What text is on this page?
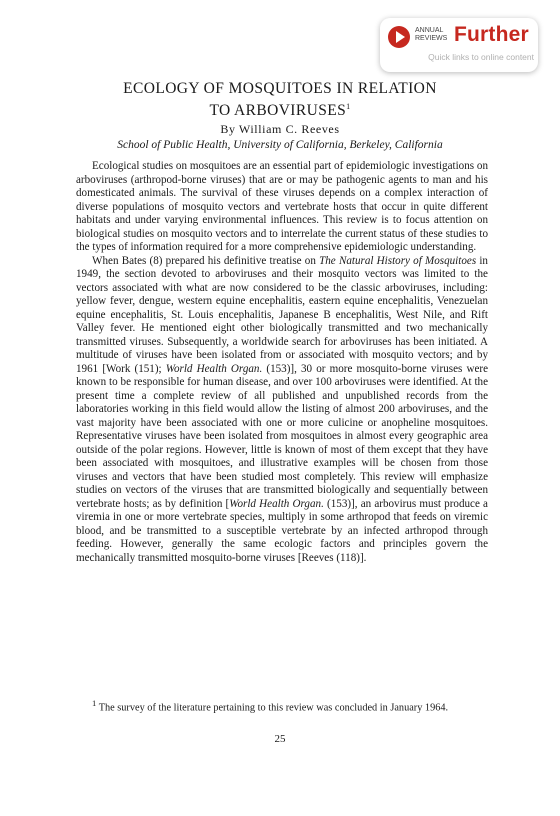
ANNUAL REVIEWS Further
Quick links to online content
ECOLOGY OF MOSQUITOES IN RELATION
TO ARBOVIRUSES$^1$
By William C. Reeves
School of Public Health, University of California, Berkeley, California

Ecological studies on mosquitoes are an essential part of epidemiologic investigations on arboviruses (arthropod-borne viruses) that are or may be pathogenic agents to man and his domesticated animals. The survival of these viruses depends on a complex interaction of diverse populations of mosquito vectors and vertebrate hosts that occur in quite different habitats and under varying environmental influences. This review is to focus attention on biological studies on mosquito vectors and to interrelate the current status of these studies to the types of information required for a more comprehensive epidemiologic understanding.

When Bates (8) prepared his definitive treatise on The Natural History of Mosquitoes in 1949, the section devoted to arboviruses and their mosquito vectors was limited to the vectors associated with what are now considered to be the classic arboviruses, including: yellow fever, dengue, western equine encephalitis, eastern equine encephalitis, Venezuelan equine encephalitis, St. Louis encephalitis, Japanese B encephalitis, West Nile, and Rift Valley fever. He mentioned eight other biologically transmitted and two mechanically transmitted viruses. Subsequently, a worldwide search for arboviruses has been initiated. A multitude of viruses have been isolated from or associated with mosquito vectors; and by 1961 [Work (151); World Health Organ. (153)], 30 or more mosquito-borne viruses were known to be responsible for human disease, and over 100 arboviruses were identified. At the present time a complete review of all published and unpublished records from the laboratories working in this field would allow the listing of almost 200 arboviruses, and the vast majority have been associated with one or more culicine or anopheline mosquitoes. Representative viruses have been isolated from mosquitoes in almost every geographic area outside of the polar regions. However, little is known of most of them except that they have been associated with mosquitoes, and illustrative examples will be chosen from those viruses and vectors that have been studied most completely. This review will emphasize studies on vectors of the viruses that are transmitted biologically and sequentially between vertebrate hosts; as by definition [World Health Organ. (153)], an arbovirus must produce a viremia in one or more vertebrate species, multiply in some arthropod that feeds on viremic blood, and be transmitted to a susceptible vertebrate by an infected arthropod through feeding. However, generally the same ecologic factors and principles govern the mechanically transmitted mosquito-borne viruses [Reeves (118)].

$^1$ The survey of the literature pertaining to this review was concluded in January 1964.
25
